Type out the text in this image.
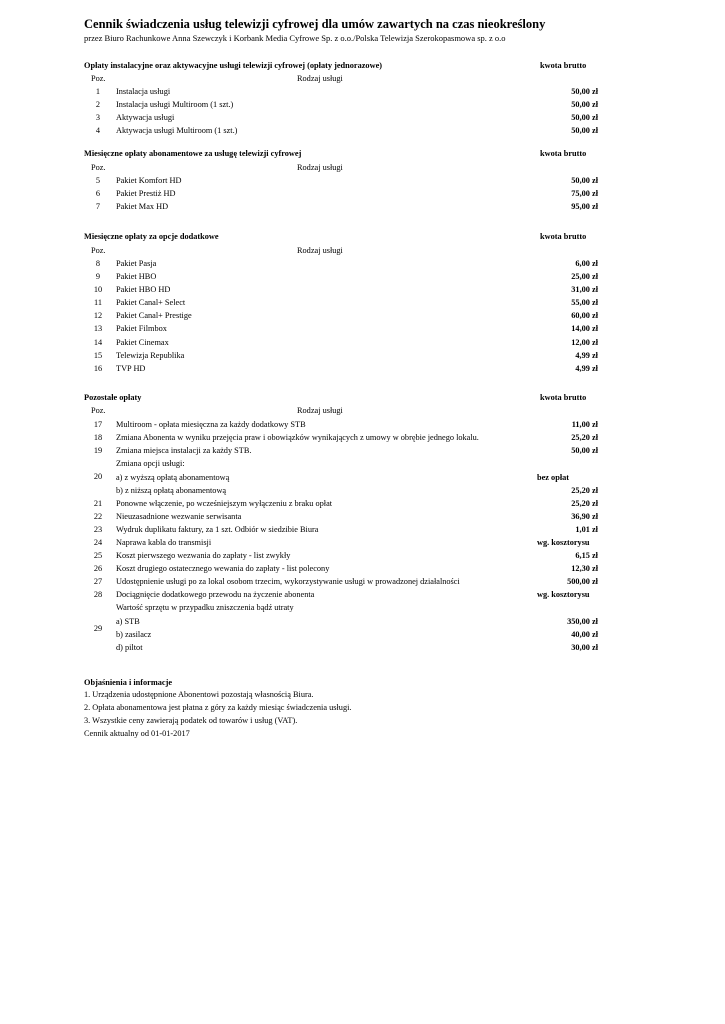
Cennik świadczenia usług telewizji cyfrowej dla umów zawartych na czas nieokreślony
przez Biuro Rachunkowe Anna Szewczyk i Korbank Media Cyfrowe Sp. z o.o./Polska Telewizja Szerokopasmowa sp. z o.o
Opłaty instalacyjne oraz aktywacyjne usługi telewizji cyfrowej (opłaty jednorazowe)	kwota brutto
Poz.	Rodzaj usługi
1	Instalacja usługi	50,00 zł
2	Instalacja usługi Multiroom (1 szt.)	50,00 zł
3	Aktywacja usługi	50,00 zł
4	Aktywacja usługi Multiroom (1 szt.)	50,00 zł
Miesięczne opłaty abonamentowe za usługę telewizji cyfrowej	kwota brutto
Poz.	Rodzaj usługi
5	Pakiet Komfort HD	50,00 zł
6	Pakiet Prestiż HD	75,00 zł
7	Pakiet Max HD	95,00 zł
Miesięczne opłaty za opcje dodatkowe	kwota brutto
Poz.	Rodzaj usługi
8	Pakiet Pasja	6,00 zł
9	Pakiet HBO	25,00 zł
10	Pakiet HBO HD	31,00 zł
11	Pakiet Canal+ Select	55,00 zł
12	Pakiet Canal+ Prestige	60,00 zł
13	Pakiet Filmbox	14,00 zł
14	Pakiet Cinemax	12,00 zł
15	Telewizja Republika	4,99 zł
16	TVP HD	4,99 zł
Pozostałe opłaty	kwota brutto
Poz.	Rodzaj usługi
17	Multiroom - opłata miesięczna za każdy dodatkowy STB	11,00 zł
18	Zmiana Abonenta w wyniku przejęcia praw i obowiązków wynikających z umowy w obrębie jednego lokalu.	25,20 zł
19	Zmiana miejsca instalacji za każdy STB.	50,00 zł
Zmiana opcji usługi:
20	a) z wyższą opłatą abonamentową	bez opłat
b) z niższą opłatą abonamentową	25,20 zł
21	Ponowne włączenie, po wcześniejszym wyłączeniu z braku opłat	25,20 zł
22	Nieuzasadnione wezwanie serwisanta	36,90 zł
23	Wydruk duplikatu faktury, za 1 szt. Odbiór w siedzibie Biura	1,01 zł
24	Naprawa kabla do transmisji	wg. kosztorysu
25	Koszt pierwszego wezwania do zapłaty - list zwykły	6,15 zł
26	Koszt drugiego ostatecznego wewania do zapłaty - list polecony	12,30 zł
27	Udostępnienie usługi po za lokal osobom trzecim, wykorzystywanie usługi w prowadzonej działalności	500,00 zł
28	Dociągnięcie dodatkowego przewodu na życzenie abonenta	wg. kosztorysu
Wartość sprzętu w przypadku zniszczenia bądź utraty
29
a) STB	350,00 zł
b) zasilacz	40,00 zł
d) piltot	30,00 zł
Objaśnienia i informacje
1. Urządzenia udostępnione Abonentowi pozostają własnością Biura.
2. Opłata abonamentowa jest płatna z góry za każdy miesiąc świadczenia usługi.
3. Wszystkie ceny zawierają podatek od towarów i usług (VAT).
Cennik aktualny od 01-01-2017
